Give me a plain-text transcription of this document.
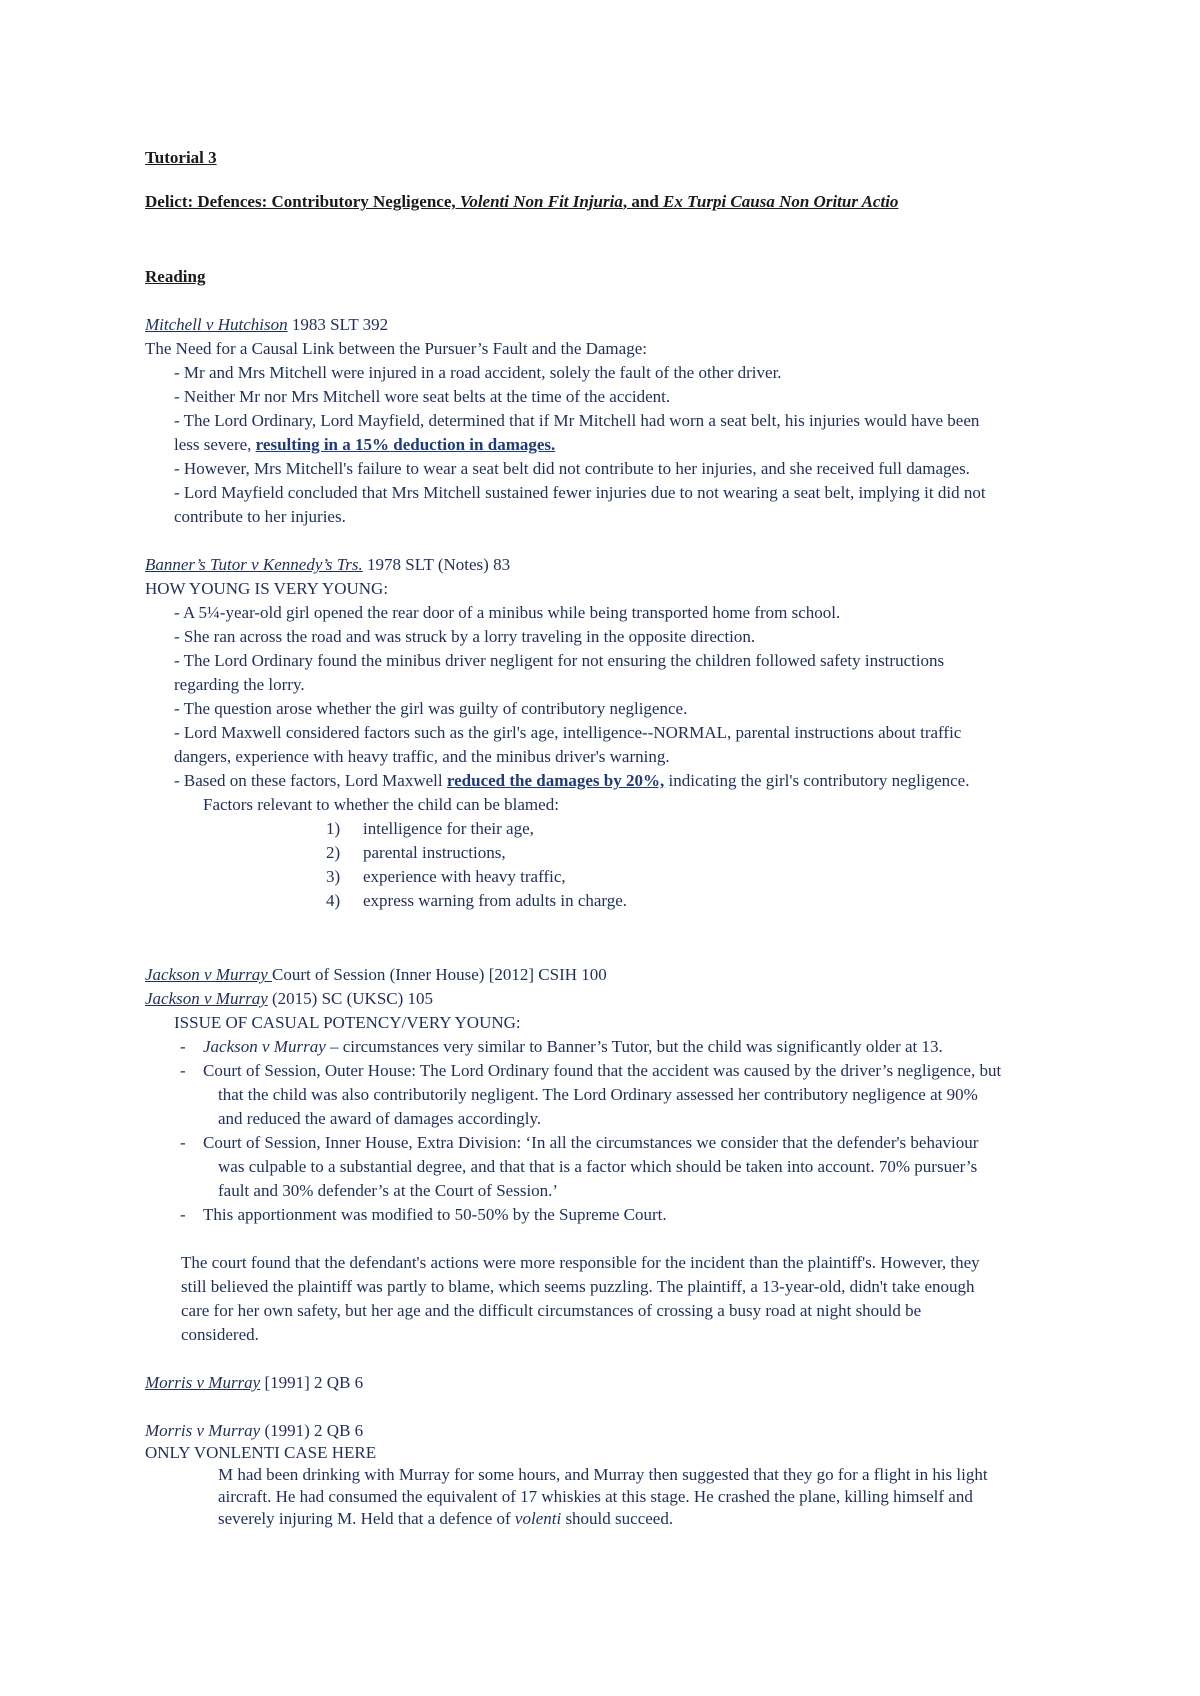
Tutorial 3
Delict: Defences: Contributory Negligence, Volenti Non Fit Injuria, and Ex Turpi Causa Non Oritur Actio
Reading
Mitchell v Hutchison 1983 SLT 392
The Need for a Causal Link between the Pursuer’s Fault and the Damage:
- Mr and Mrs Mitchell were injured in a road accident, solely the fault of the other driver.
- Neither Mr nor Mrs Mitchell wore seat belts at the time of the accident.
- The Lord Ordinary, Lord Mayfield, determined that if Mr Mitchell had worn a seat belt, his injuries would have been
less severe, resulting in a 15% deduction in damages.
- However, Mrs Mitchell's failure to wear a seat belt did not contribute to her injuries, and she received full damages.
- Lord Mayfield concluded that Mrs Mitchell sustained fewer injuries due to not wearing a seat belt, implying it did not
contribute to her injuries.
Banner’s Tutor v Kennedy’s Trs. 1978 SLT (Notes) 83
HOW YOUNG IS VERY YOUNG:
- A 5¼-year-old girl opened the rear door of a minibus while being transported home from school.
- She ran across the road and was struck by a lorry traveling in the opposite direction.
- The Lord Ordinary found the minibus driver negligent for not ensuring the children followed safety instructions
regarding the lorry.
- The question arose whether the girl was guilty of contributory negligence.
- Lord Maxwell considered factors such as the girl's age, intelligence--NORMAL, parental instructions about traffic
dangers, experience with heavy traffic, and the minibus driver's warning.
- Based on these factors, Lord Maxwell reduced the damages by 20%, indicating the girl's contributory negligence.
Factors relevant to whether the child can be blamed:
1) intelligence for their age,
2) parental instructions,
3) experience with heavy traffic,
4) express warning from adults in charge.
Jackson v Murray Court of Session (Inner House) [2012] CSIH 100
Jackson v Murray (2015) SC (UKSC) 105
ISSUE OF CASUAL POTENCY/VERY YOUNG:
- Jackson v Murray – circumstances very similar to Banner’s Tutor, but the child was significantly older at 13.
- Court of Session, Outer House: The Lord Ordinary found that the accident was caused by the driver’s negligence, but
that the child was also contributorily negligent. The Lord Ordinary assessed her contributory negligence at 90%
and reduced the award of damages accordingly.
- Court of Session, Inner House, Extra Division: ‘In all the circumstances we consider that the defender's behaviour
was culpable to a substantial degree, and that that is a factor which should be taken into account. 70% pursuer’s
fault and 30% defender’s at the Court of Session.’
- This apportionment was modified to 50-50% by the Supreme Court.
The court found that the defendant's actions were more responsible for the incident than the plaintiff's. However, they
still believed the plaintiff was partly to blame, which seems puzzling. The plaintiff, a 13-year-old, didn't take enough
care for her own safety, but her age and the difficult circumstances of crossing a busy road at night should be
considered.
Morris v Murray [1991] 2 QB 6
Morris v Murray (1991) 2 QB 6
ONLY VONLENTI CASE HERE
M had been drinking with Murray for some hours, and Murray then suggested that they go for a flight in his light
aircraft. He had consumed the equivalent of 17 whiskies at this stage. He crashed the plane, killing himself and
severely injuring M. Held that a defence of volenti should succeed.
